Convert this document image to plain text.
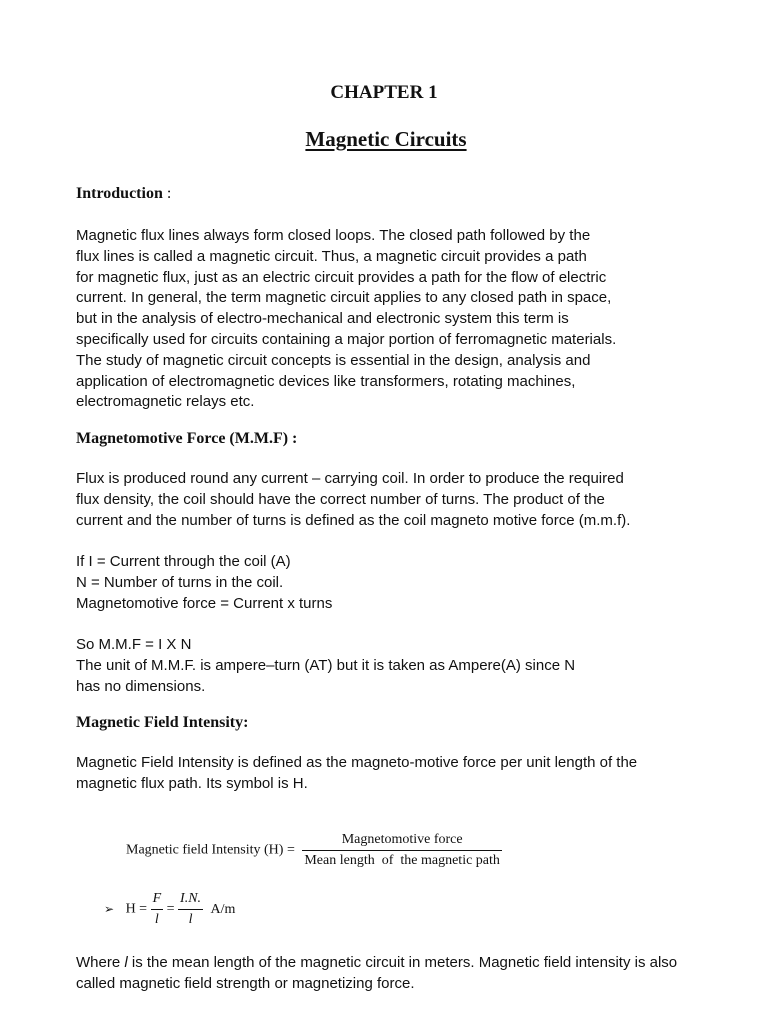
CHAPTER 1
Magnetic Circuits
Introduction :
Magnetic flux lines always form closed loops. The closed path followed by the
flux lines is called a magnetic circuit. Thus, a magnetic circuit provides a path
for magnetic flux, just as an electric circuit provides a path for the flow of electric
current. In general, the term magnetic circuit applies to any closed path in space,
but in the analysis of electro-mechanical and electronic system this term is
specifically used for circuits containing a major portion of ferromagnetic materials.
The study of magnetic circuit concepts is essential in the design, analysis and
application of electromagnetic devices like transformers, rotating machines,
electromagnetic relays etc.
Magnetomotive Force (M.M.F) :
Flux is produced round any current – carrying coil. In order to produce the required
flux density, the coil should have the correct number of turns. The product of the
current and the number of turns is defined as the coil magneto motive force (m.m.f).
If I = Current through the coil (A)
N = Number of turns in the coil.
Magnetomotive force = Current x turns
So M.M.F = I X N
The unit of M.M.F. is ampere–turn (AT) but it is taken as Ampere(A) since N
has no dimensions.
Magnetic Field Intensity:
Magnetic Field Intensity is defined as the magneto-motive force per unit length of the
magnetic flux path. Its symbol is H.
Magnetic field Intensity $(H) = \frac{\text{Magnetomotive force}}{\text{Mean length  of  the magnetic path}}$
➢ $H = \frac{F}{l} = \frac{I.N.}{l} A/m$
Where l is the mean length of the magnetic circuit in meters. Magnetic field intensity is also
called magnetic field strength or magnetizing force.
